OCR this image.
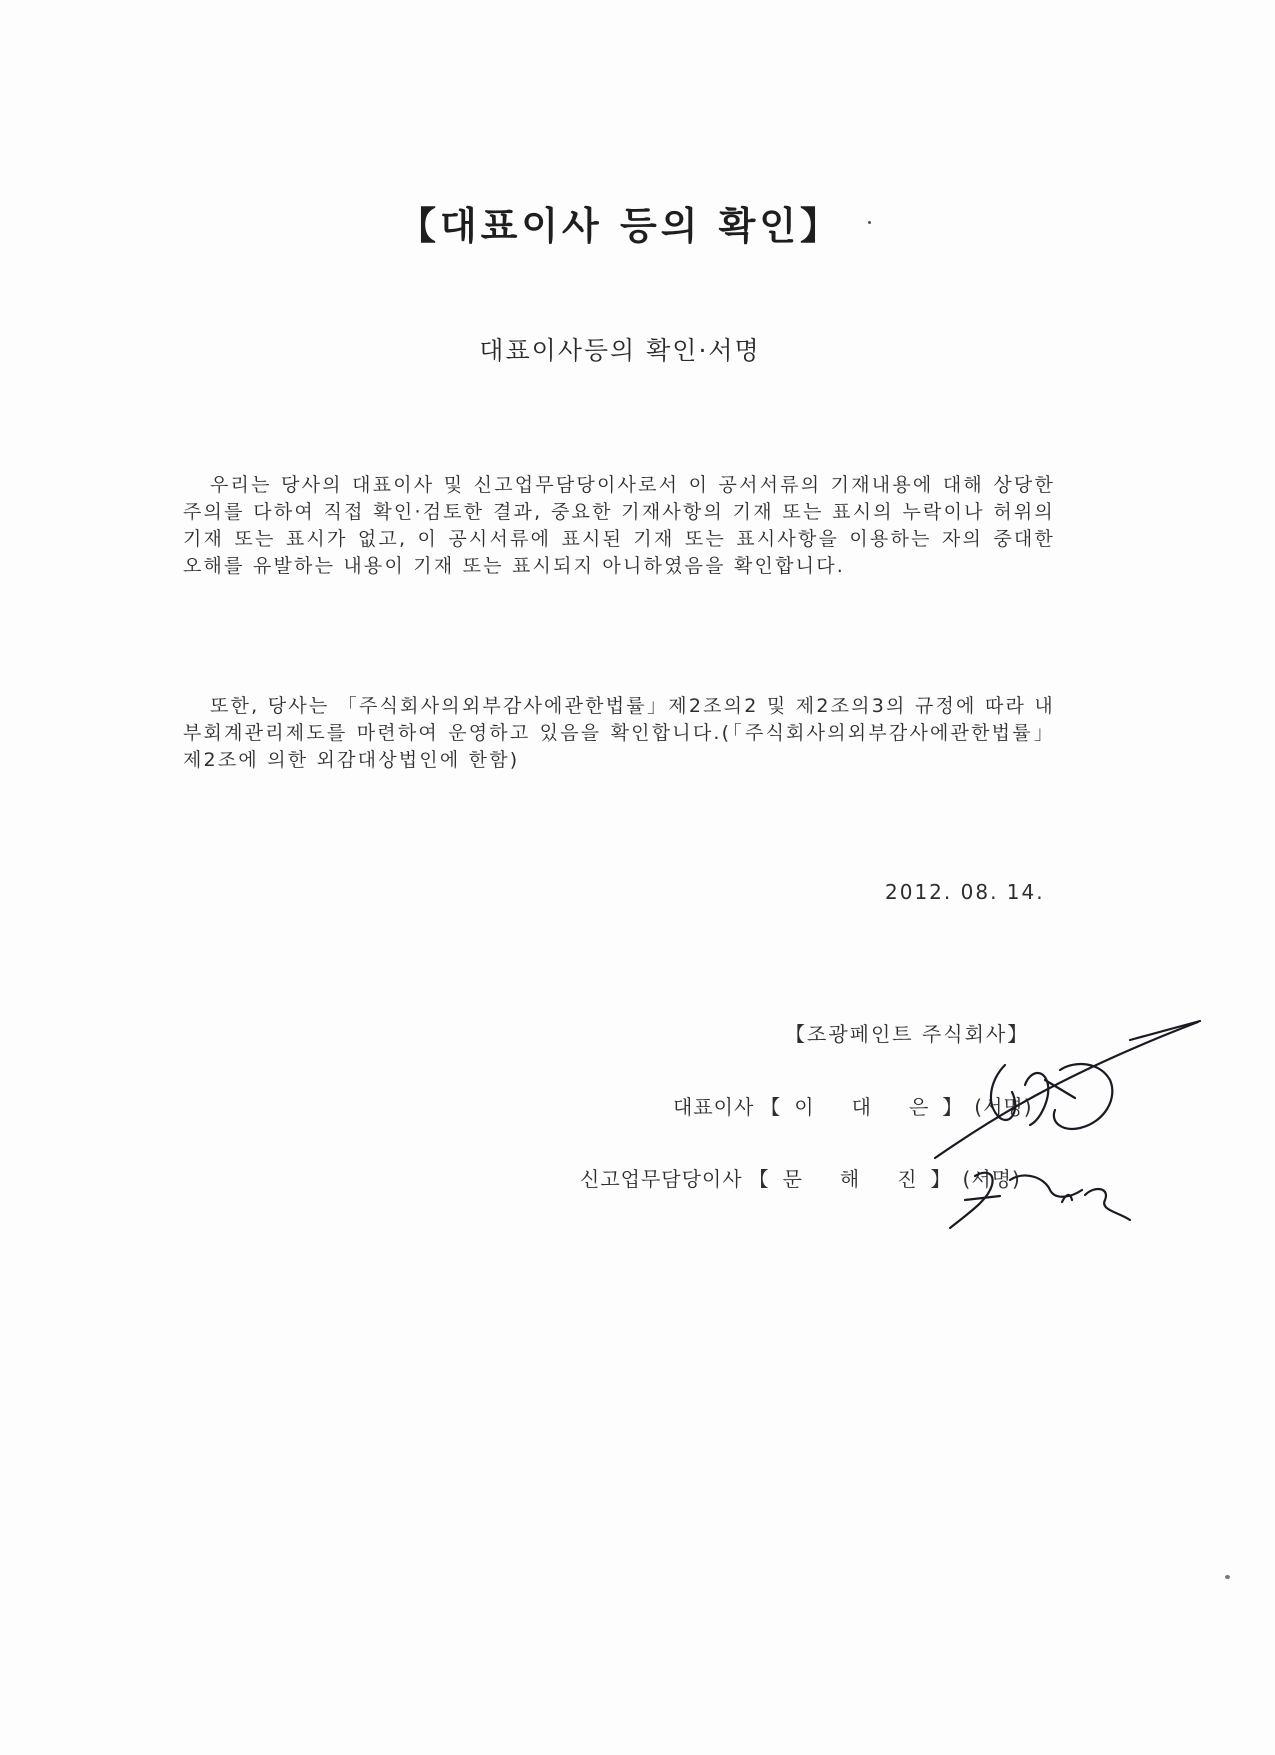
【대표이사 등의 확인】
대표이사등의 확인·서명
우리는 당사의 대표이사 및 신고업무담당이사로서 이 공서서류의 기재내용에 대해 상당한 주의를 다하여 직접 확인·검토한 결과, 중요한 기재사항의 기재 또는 표시의 누락이나 허위의 기재 또는 표시가 없고, 이 공시서류에 표시된 기재 또는 표시사항을 이용하는 자의 중대한 오해를 유발하는 내용이 기재 또는 표시되지 아니하였음을 확인합니다.
또한, 당사는 「주식회사의외부감사에관한법률」제2조의2 및 제2조의3의 규정에 따라 내부회계관리제도를 마련하여 운영하고 있음을 확인합니다.(「주식회사의외부감사에관한법률」제2조에 의한 외감대상법인에 한함)
2012. 08. 14.
【조광페인트 주식회사】
대표이사 【 이 대 은 】 (서명)
신고업무담당이사 【 문 해 진 】 (서명)
